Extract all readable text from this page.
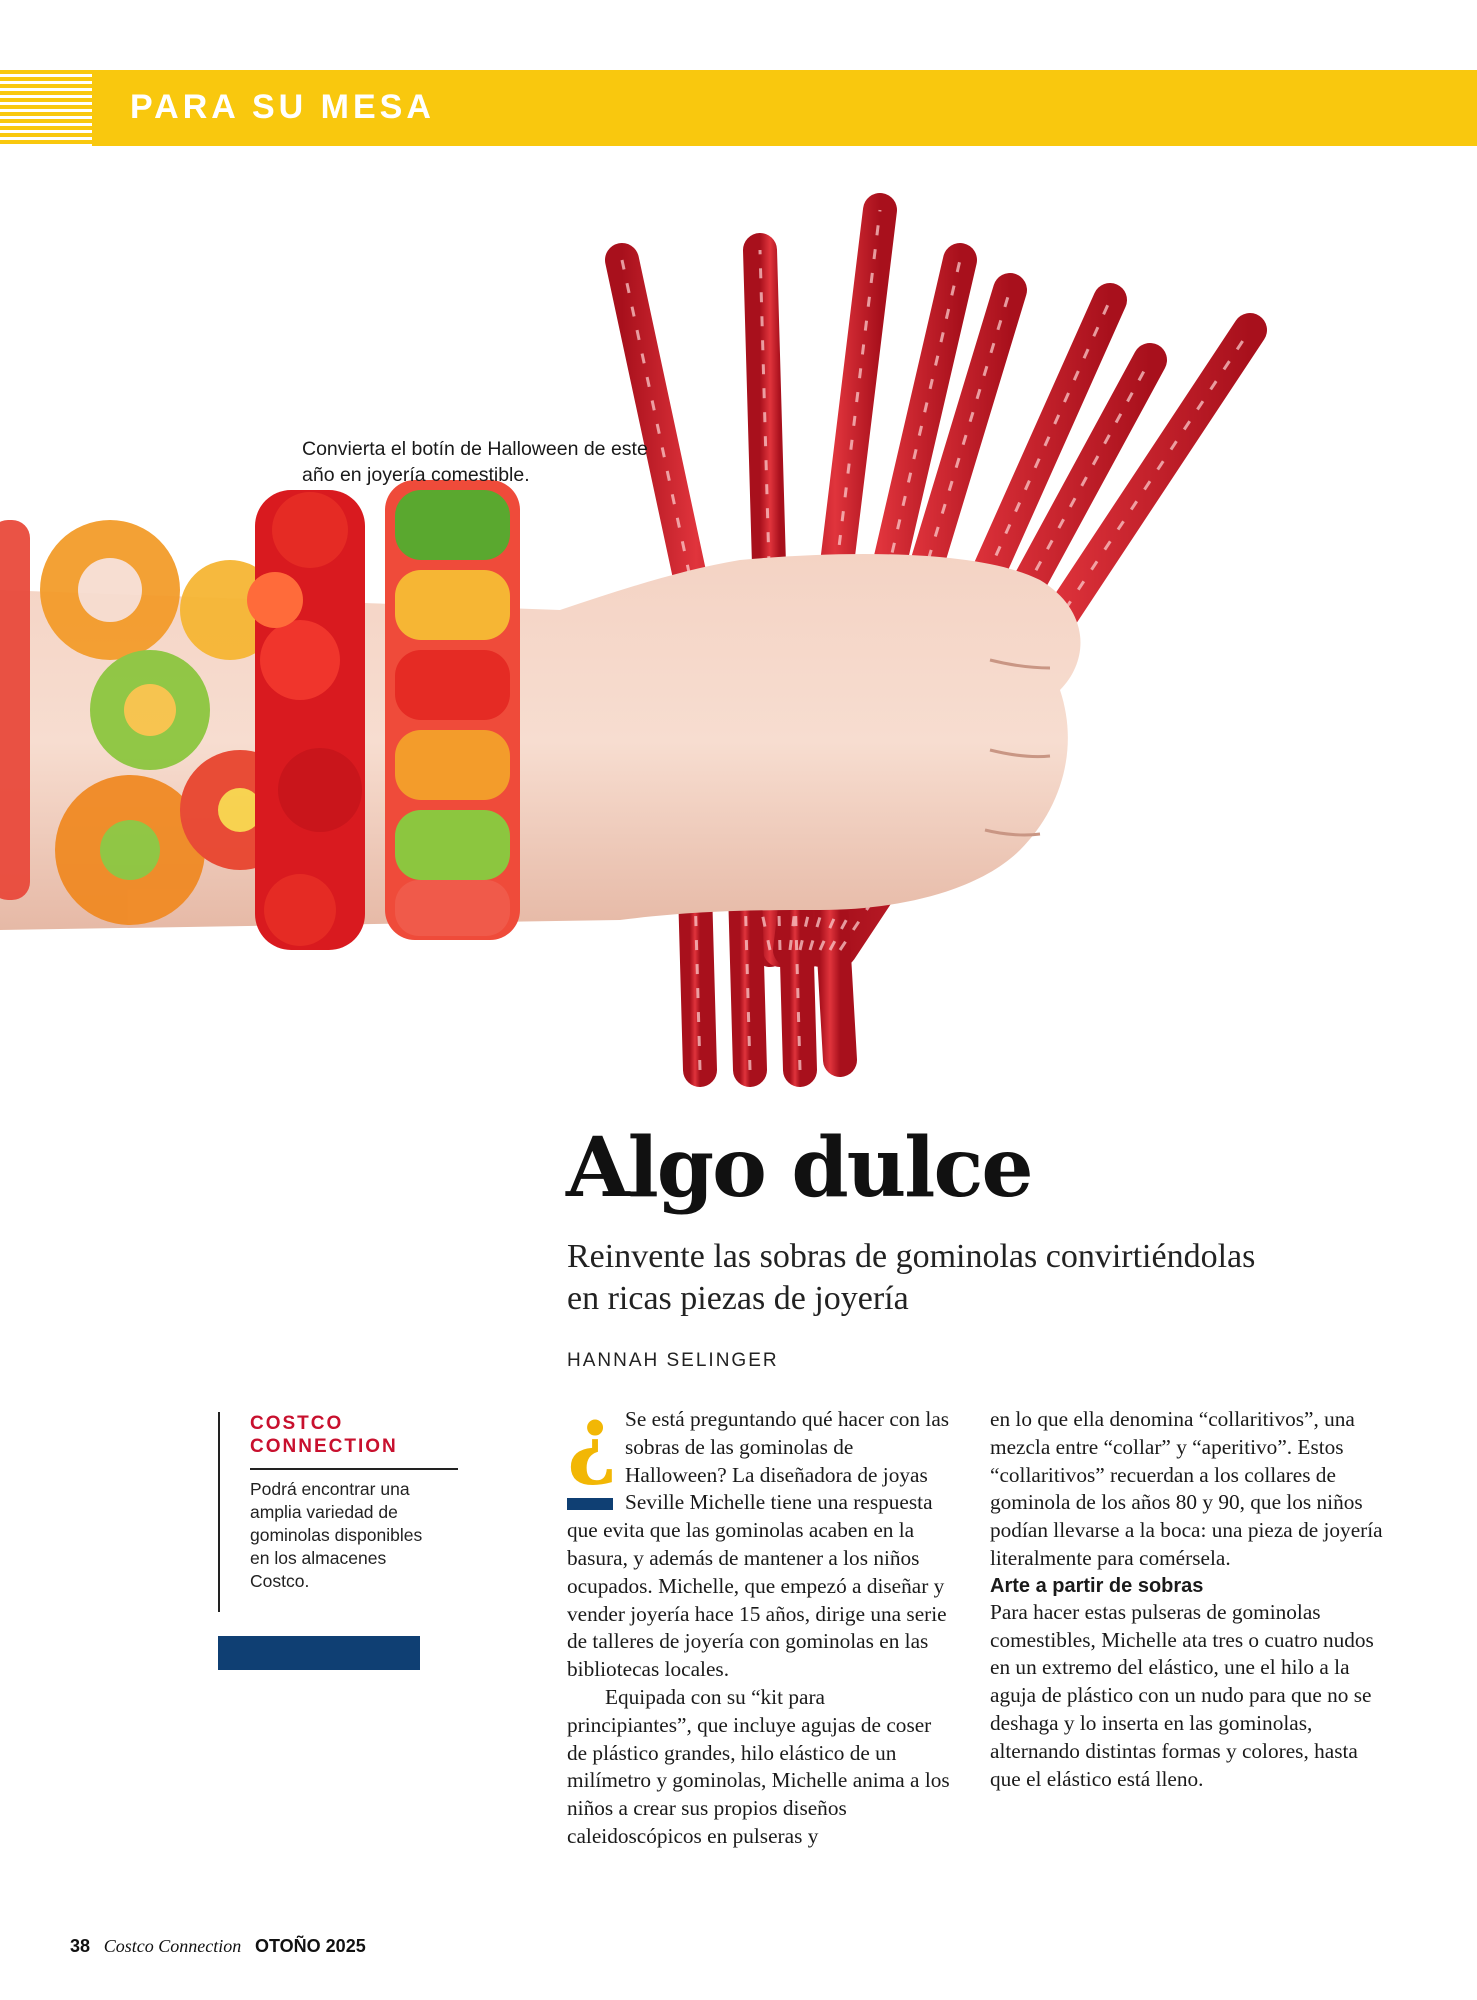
PARA SU MESA
Convierta el botín de Halloween de este año en joyería comestible.
Algo dulce
Reinvente las sobras de gominolas convirtiéndolas en ricas piezas de joyería
HANNAH SELINGER
COSTCO CONNECTION
Podrá encontrar una amplia variedad de gominolas disponibles en los almacenes Costco.
¿ Se está preguntando qué hacer con las sobras de las gominolas de Halloween? La diseñadora de joyas Seville Michelle tiene una respuesta que evita que las gominolas acaben en la basura, y además de mantener a los niños ocupados. Michelle, que empezó a diseñar y vender joyería hace 15 años, dirige una serie de talleres de joyería con gominolas en las bibliotecas locales.

Equipada con su “kit para principiantes”, que incluye agujas de coser de plástico grandes, hilo elástico de un milímetro y gominolas, Michelle anima a los niños a crear sus propios diseños caleidoscópicos en pulseras y

en lo que ella denomina “collaritivos”, una mezcla entre “collar” y “aperitivo”. Estos “collaritivos” recuerdan a los collares de gominola de los años 80 y 90, que los niños podían llevarse a la boca: una pieza de joyería literalmente para comérsela.

Arte a partir de sobras

Para hacer estas pulseras de gominolas comestibles, Michelle ata tres o cuatro nudos en un extremo del elástico, une el hilo a la aguja de plástico con un nudo para que no se deshaga y lo inserta en las gominolas, alternando distintas formas y colores, hasta que el elástico está lleno.

38 Costco Connection OTOÑO 2025
